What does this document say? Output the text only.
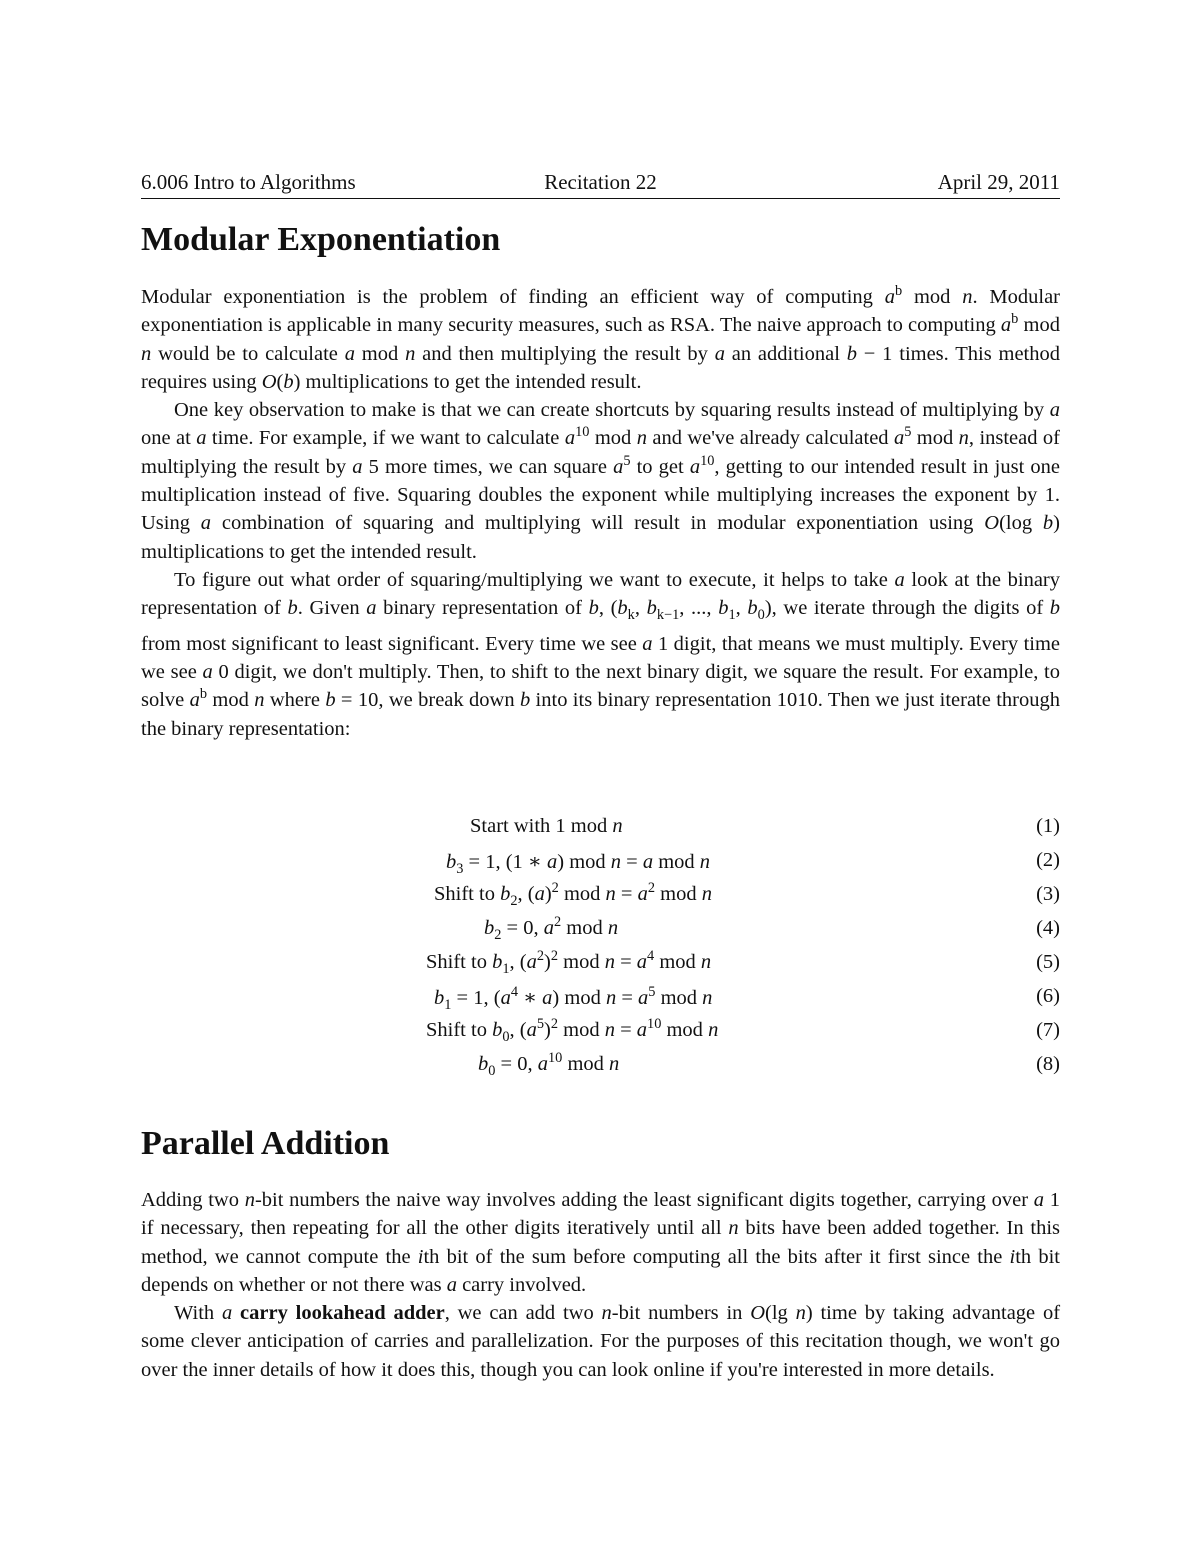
6.006 Intro to Algorithms	Recitation 22	April 29, 2011
Modular Exponentiation

Modular exponentiation is the problem of finding an efficient way of computing $a^b$ mod n. Modular exponentiation is applicable in many security measures, such as RSA. The naive approach to computing $a^b$ mod n would be to calculate a mod n and then multiplying the result by a an additional b − 1 times. This method requires using O(b) multiplications to get the intended result.

One key observation to make is that we can create shortcuts by squaring results instead of multiplying by a one at a time. For example, if we want to calculate $a^{10}$ mod n and we've already calculated $a^5$ mod n, instead of multiplying the result by a 5 more times, we can square $a^5$ to get $a^{10}$, getting to our intended result in just one multiplication instead of five. Squaring doubles the exponent while multiplying increases the exponent by 1. Using a combination of squaring and multiplying will result in modular exponentiation using O(log b) multiplications to get the intended result.

To figure out what order of squaring/multiplying we want to execute, it helps to take a look at the binary representation of b. Given a binary representation of b, ($b_k$, $b_{k-1}$, ..., $b_1$, $b_0$), we iterate through the digits of b from most significant to least significant. Every time we see a 1 digit, that means we must multiply. Every time we see a 0 digit, we don't multiply. Then, to shift to the next binary digit, we square the result. For example, to solve $a^b$ mod n where b = 10, we break down b into its binary representation 1010. Then we just iterate through the binary representation:

Start with 1 mod n	(1)
$b_3 = 1$, (1 ∗ a) mod n = a mod n	(2)
Shift to $b_2$, $(a)^2$ mod $n = a^2$ mod n	(3)
$b_2 = 0$, $a^2$ mod n	(4)
Shift to $b_1$, $(a^2)^2$ mod $n = a^4$ mod n	(5)
$b_1 = 1$, ($a^4$ ∗ a) mod $n = a^5$ mod n	(6)
Shift to $b_0$, $(a^5)^2$ mod $n = a^{10}$ mod n	(7)
$b_0 = 0$, $a^{10}$ mod n	(8)
Parallel Addition

Adding two n-bit numbers the naive way involves adding the least significant digits together, carrying over a 1 if necessary, then repeating for all the other digits iteratively until all n bits have been added together. In this method, we cannot compute the ith bit of the sum before computing all the bits after it first since the ith bit depends on whether or not there was a carry involved.

With a carry lookahead adder, we can add two n-bit numbers in O(lg n) time by taking advantage of some clever anticipation of carries and parallelization. For the purposes of this recitation though, we won't go over the inner details of how it does this, though you can look online if you're interested in more details.
